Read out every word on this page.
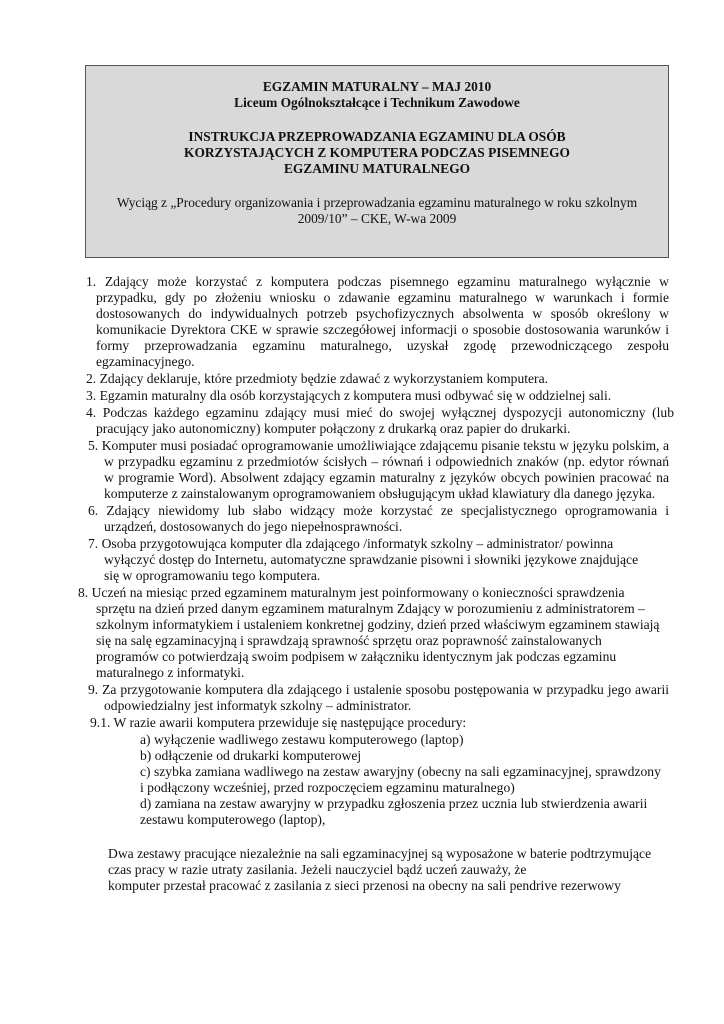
EGZAMIN MATURALNY – MAJ 2010
Liceum Ogólnokształcące i Technikum Zawodowe
INSTRUKCJA PRZEPROWADZANIA EGZAMINU DLA OSÓB KORZYSTAJĄCYCH Z KOMPUTERA PODCZAS PISEMNEGO EGZAMINU MATURALNEGO
Wyciąg z „Procedury organizowania i przeprowadzania egzaminu maturalnego w roku szkolnym 2009/10” – CKE, W-wa 2009
1. Zdający może korzystać z komputera podczas pisemnego egzaminu maturalnego wyłącznie w przypadku, gdy po złożeniu wniosku o zdawanie egzaminu maturalnego w warunkach i formie dostosowanych do indywidualnych potrzeb psychofizycznych absolwenta w sposób określony w komunikacie Dyrektora CKE w sprawie szczegółowej informacji o sposobie dostosowania warunków i formy przeprowadzania egzaminu maturalnego, uzyskał zgodę przewodniczącego zespołu egzaminacyjnego.
2. Zdający deklaruje, które przedmioty będzie zdawać z wykorzystaniem komputera.
3. Egzamin maturalny dla osób korzystających z komputera musi odbywać się w oddzielnej sali.
4. Podczas każdego egzaminu zdający musi mieć do swojej wyłącznej dyspozycji autonomiczny (lub pracujący jako autonomiczny) komputer połączony z drukarką oraz papier do drukarki.
5. Komputer musi posiadać oprogramowanie umożliwiające zdającemu pisanie tekstu w języku polskim, a w przypadku egzaminu z przedmiotów ścisłych – równań i odpowiednich znaków (np. edytor równań w programie Word). Absolwent zdający egzamin maturalny z języków obcych powinien pracować na komputerze z zainstalowanym oprogramowaniem obsługującym układ klawiatury dla danego języka.
6. Zdający niewidomy lub słabo widzący może korzystać ze specjalistycznego oprogramowania i urządzeń, dostosowanych do jego niepełnosprawności.
7. Osoba przygotowująca komputer dla zdającego /informatyk szkolny – administrator/ powinna wyłączyć dostęp do Internetu, automatyczne sprawdzanie pisowni i słowniki językowe znajdujące się w oprogramowaniu tego komputera.
8. Uczeń na miesiąc przed egzaminem maturalnym jest poinformowany o konieczności sprawdzenia sprzętu na dzień przed danym egzaminem maturalnym Zdający w porozumieniu z administratorem – szkolnym informatykiem i ustaleniem konkretnej godziny, dzień przed właściwym egzaminem stawiają się na salę egzaminacyjną i sprawdzają sprawność sprzętu oraz poprawność zainstalowanych programów co potwierdzają swoim podpisem w załączniku identycznym jak podczas egzaminu maturalnego z informatyki.
9. Za przygotowanie komputera dla zdającego i ustalenie sposobu postępowania w przypadku jego awarii odpowiedzialny jest informatyk szkolny – administrator.
9.1. W razie awarii komputera przewiduje się następujące procedury:
a) wyłączenie wadliwego zestawu komputerowego (laptop)
b) odłączenie od drukarki komputerowej
c) szybka zamiana wadliwego na zestaw awaryjny (obecny na sali egzaminacyjnej, sprawdzony i podłączony wcześniej, przed rozpoczęciem egzaminu maturalnego)
d) zamiana na zestaw awaryjny w przypadku zgłoszenia przez ucznia lub stwierdzenia awarii zestawu komputerowego (laptop),
Dwa zestawy pracujące niezależnie na sali egzaminacyjnej są wyposażone w baterie podtrzymujące czas pracy w razie utraty zasilania. Jeżeli nauczyciel bądź uczeń zauważy, że
komputer przestał pracować z zasilania z sieci przenosi na obecny na sali pendrive rezerwowy
